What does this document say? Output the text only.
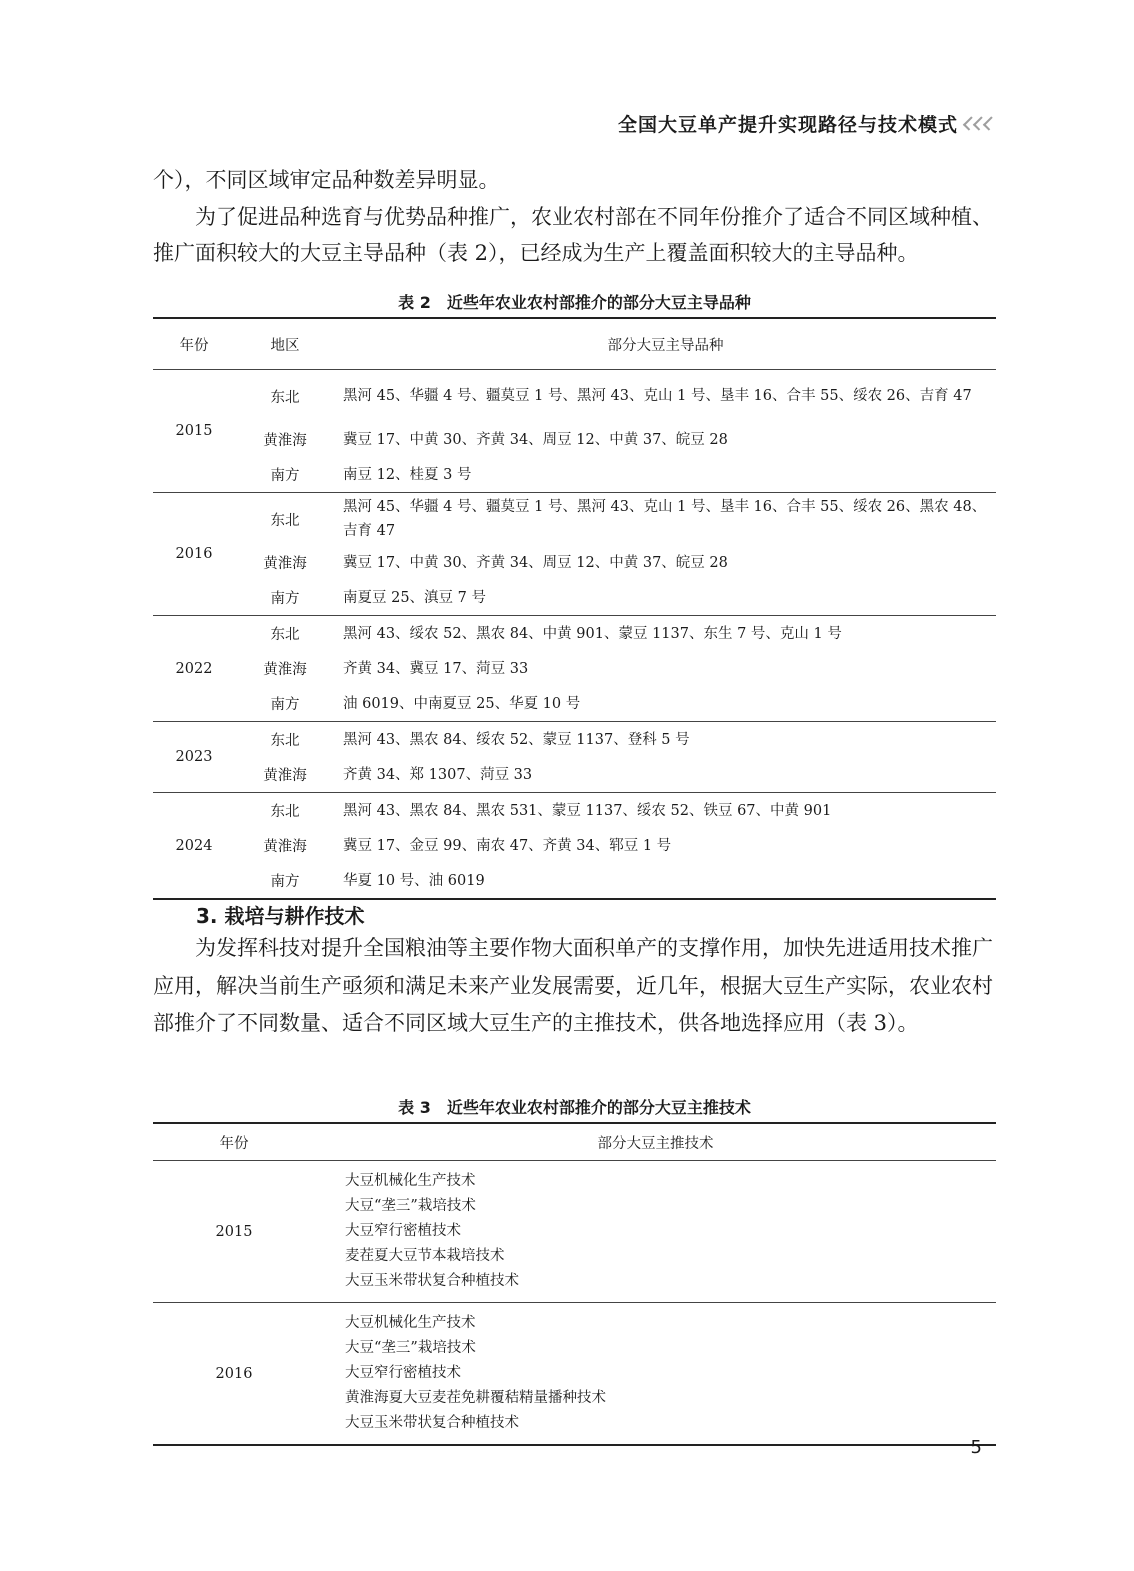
全国大豆单产提升实现路径与技术模式
个），不同区域审定品种数差异明显。
为了促进品种选育与优势品种推广，农业农村部在不同年份推介了适合不同区域种植、推广面积较大的大豆主导品种（表 2），已经成为生产上覆盖面积较大的主导品种。
表 2　近些年农业农村部推介的部分大豆主导品种
年份	地区	部分大豆主导品种
2015	东北	黑河 45、华疆 4 号、疆莫豆 1 号、黑河 43、克山 1 号、垦丰 16、合丰 55、绥农 26、吉育 47
	黄淮海	冀豆 17、中黄 30、齐黄 34、周豆 12、中黄 37、皖豆 28
	南方	南豆 12、桂夏 3 号
2016	东北	黑河 45、华疆 4 号、疆莫豆 1 号、黑河 43、克山 1 号、垦丰 16、合丰 55、绥农 26、黑农 48、吉育 47
	黄淮海	冀豆 17、中黄 30、齐黄 34、周豆 12、中黄 37、皖豆 28
	南方	南夏豆 25、滇豆 7 号
2022	东北	黑河 43、绥农 52、黑农 84、中黄 901、蒙豆 1137、东生 7 号、克山 1 号
	黄淮海	齐黄 34、冀豆 17、菏豆 33
	南方	油 6019、中南夏豆 25、华夏 10 号
2023	东北	黑河 43、黑农 84、绥农 52、蒙豆 1137、登科 5 号
	黄淮海	齐黄 34、郑 1307、菏豆 33
2024	东北	黑河 43、黑农 84、黑农 531、蒙豆 1137、绥农 52、铁豆 67、中黄 901
	黄淮海	冀豆 17、金豆 99、南农 47、齐黄 34、郓豆 1 号
	南方	华夏 10 号、油 6019
3. 栽培与耕作技术
为发挥科技对提升全国粮油等主要作物大面积单产的支撑作用，加快先进适用技术推广应用，解决当前生产亟须和满足未来产业发展需要，近几年，根据大豆生产实际，农业农村部推介了不同数量、适合不同区域大豆生产的主推技术，供各地选择应用（表 3）。
表 3　近些年农业农村部推介的部分大豆主推技术
年份	部分大豆主推技术
2015	大豆机械化生产技术
大豆“垄三”栽培技术
大豆窄行密植技术
麦茬夏大豆节本栽培技术
大豆玉米带状复合种植技术

2016	大豆机械化生产技术
大豆“垄三”栽培技术
大豆窄行密植技术
黄淮海夏大豆麦茬免耕覆秸精量播种技术
大豆玉米带状复合种植技术
5
